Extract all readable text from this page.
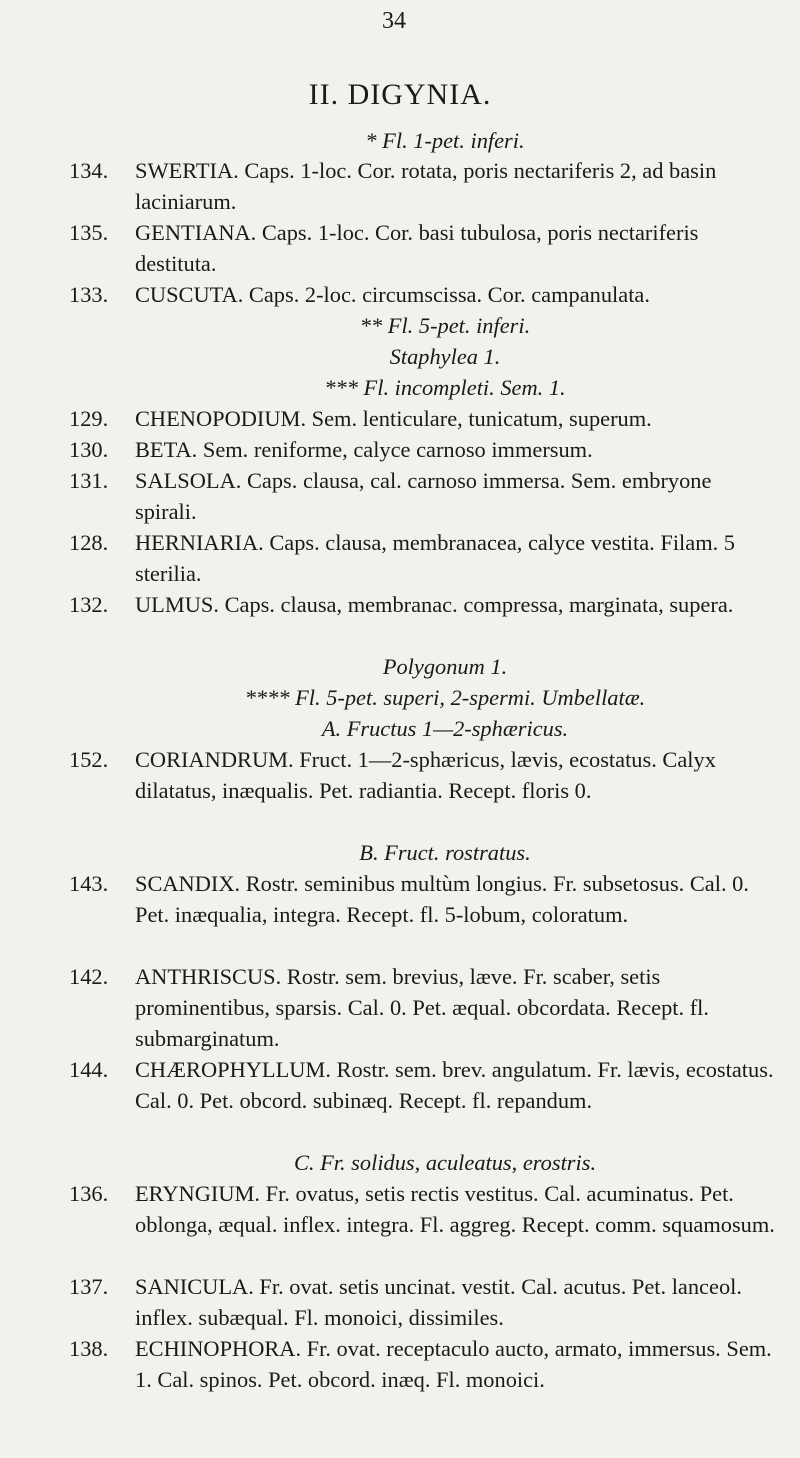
34
II. DIGYNIA.
* Fl. 1-pet. inferi.
134.	SWERTIA. Caps. 1-loc. Cor. rotata, poris nectariferis 2, ad basin laciniarum.
135.	GENTIANA. Caps. 1-loc. Cor. basi tubulosa, poris nectariferis destituta.
133.	CUSCUTA. Caps. 2-loc. circumscissa. Cor. campanulata.
** Fl. 5-pet. inferi.
Staphylea 1.
*** Fl. incompleti. Sem. 1.
129.	CHENOPODIUM. Sem. lenticulare, tunicatum, superum.
130.	BETA. Sem. reniforme, calyce carnoso immersum.
131.	SALSOLA. Caps. clausa, cal. carnoso immersa. Sem. embryone spirali.
128.	HERNIARIA. Caps. clausa, membranacea, calyce vestita. Filam. 5 sterilia.
132.	ULMUS. Caps. clausa, membranac. compressa, marginata, supera.
Polygonum 1.
**** Fl. 5-pet. superi, 2-spermi. Umbellatæ.
A. Fructus 1—2-sphæricus.
152.	CORIANDRUM. Fruct. 1—2-sphæricus, lævis, ecostatus. Calyx dilatatus, inæqualis. Pet. radiantia. Recept. floris 0.
B. Fruct. rostratus.
143.	SCANDIX. Rostr. seminibus multùm longius. Fr. subsetosus. Cal. 0. Pet. inæqualia, integra. Recept. fl. 5-lobum, coloratum.
142.	ANTHRISCUS. Rostr. sem. brevius, læve. Fr. scaber, setis prominentibus, sparsis. Cal. 0. Pet. æqual. obcordata. Recept. fl. submarginatum.
144.	CHÆROPHYLLUM. Rostr. sem. brev. angulatum. Fr. lævis, ecostatus. Cal. 0. Pet. obcord. subinæq. Recept. fl. repandum.
C. Fr. solidus, aculeatus, erostris.
136.	ERYNGIUM. Fr. ovatus, setis rectis vestitus. Cal. acuminatus. Pet. oblonga, æqual. inflex. integra. Fl. aggreg. Recept. comm. squamosum.
137.	SANICULA. Fr. ovat. setis uncinat. vestit. Cal. acutus. Pet. lanceol. inflex. subæqual. Fl. monoici, dissimiles.
138.	ECHINOPHORA. Fr. ovat. receptaculo aucto, armato, immersus. Sem. 1. Cal. spinos. Pet. obcord. inæq. Fl. monoici.
